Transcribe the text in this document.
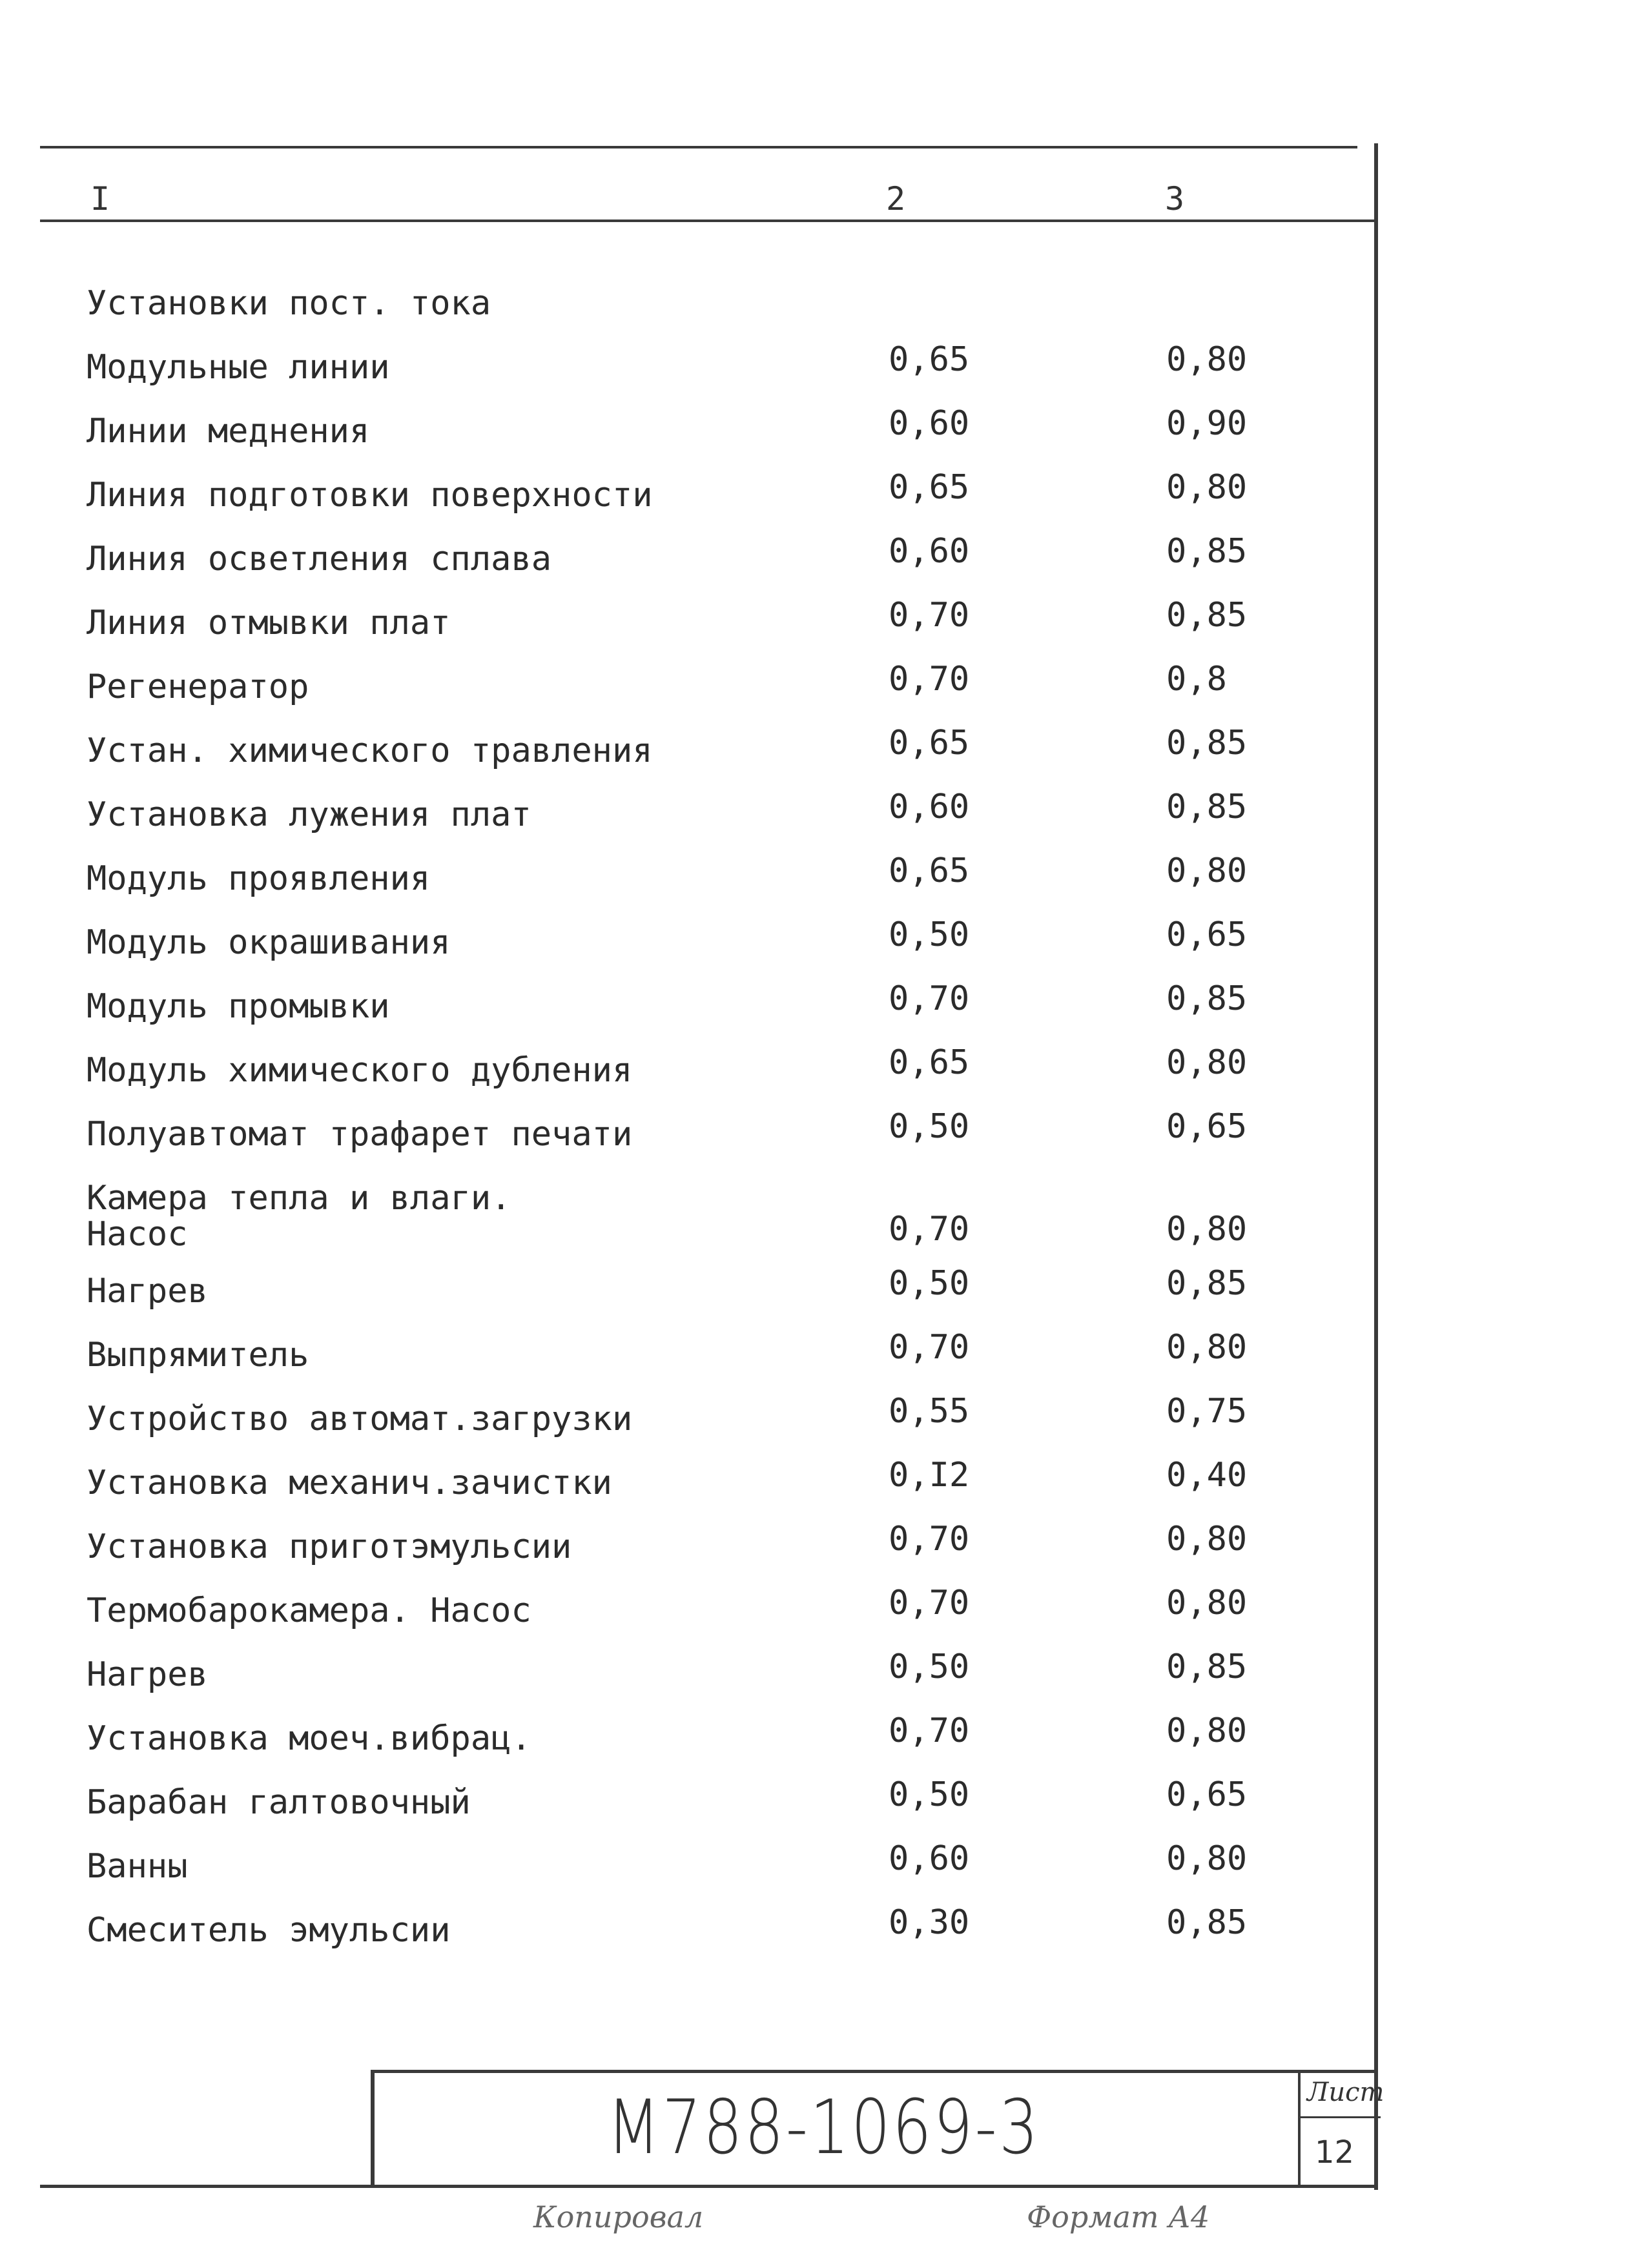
I	2	3
Установки пост. тока
Модульные линии	0,65	0,80
Линии меднения	0,60	0,90
Линия подготовки поверхности	0,65	0,80
Линия осветления сплава	0,60	0,85
Линия отмывки плат	0,70	0,85
Регенератор	0,70	0,8
Устан. химического травления	0,65	0,85
Установка лужения плат	0,60	0,85
Модуль проявления	0,65	0,80
Модуль окрашивания	0,50	0,65
Модуль промывки	0,70	0,85
Модуль химического дубления	0,65	0,80
Полуавтомат трафарет печати	0,50	0,65
Камера тепла и влаги.
Насос	0,70	0,80
Нагрев	0,50	0,85
Выпрямитель	0,70	0,80
Устройство автомат.загрузки	0,55	0,75
Установка механич.зачистки	0,I2	0,40
Установка приготэмульсии	0,70	0,80
Термобарокамера. Насос	0,70	0,80
Нагрев	0,50	0,85
Установка моеч.вибрац.	0,70	0,80
Барабан галтовочный	0,50	0,65
Ванны	0,60	0,80
Смеситель эмульсии	0,30	0,85
М788-1069-3	Лист
12
Копировал	Формат А4
